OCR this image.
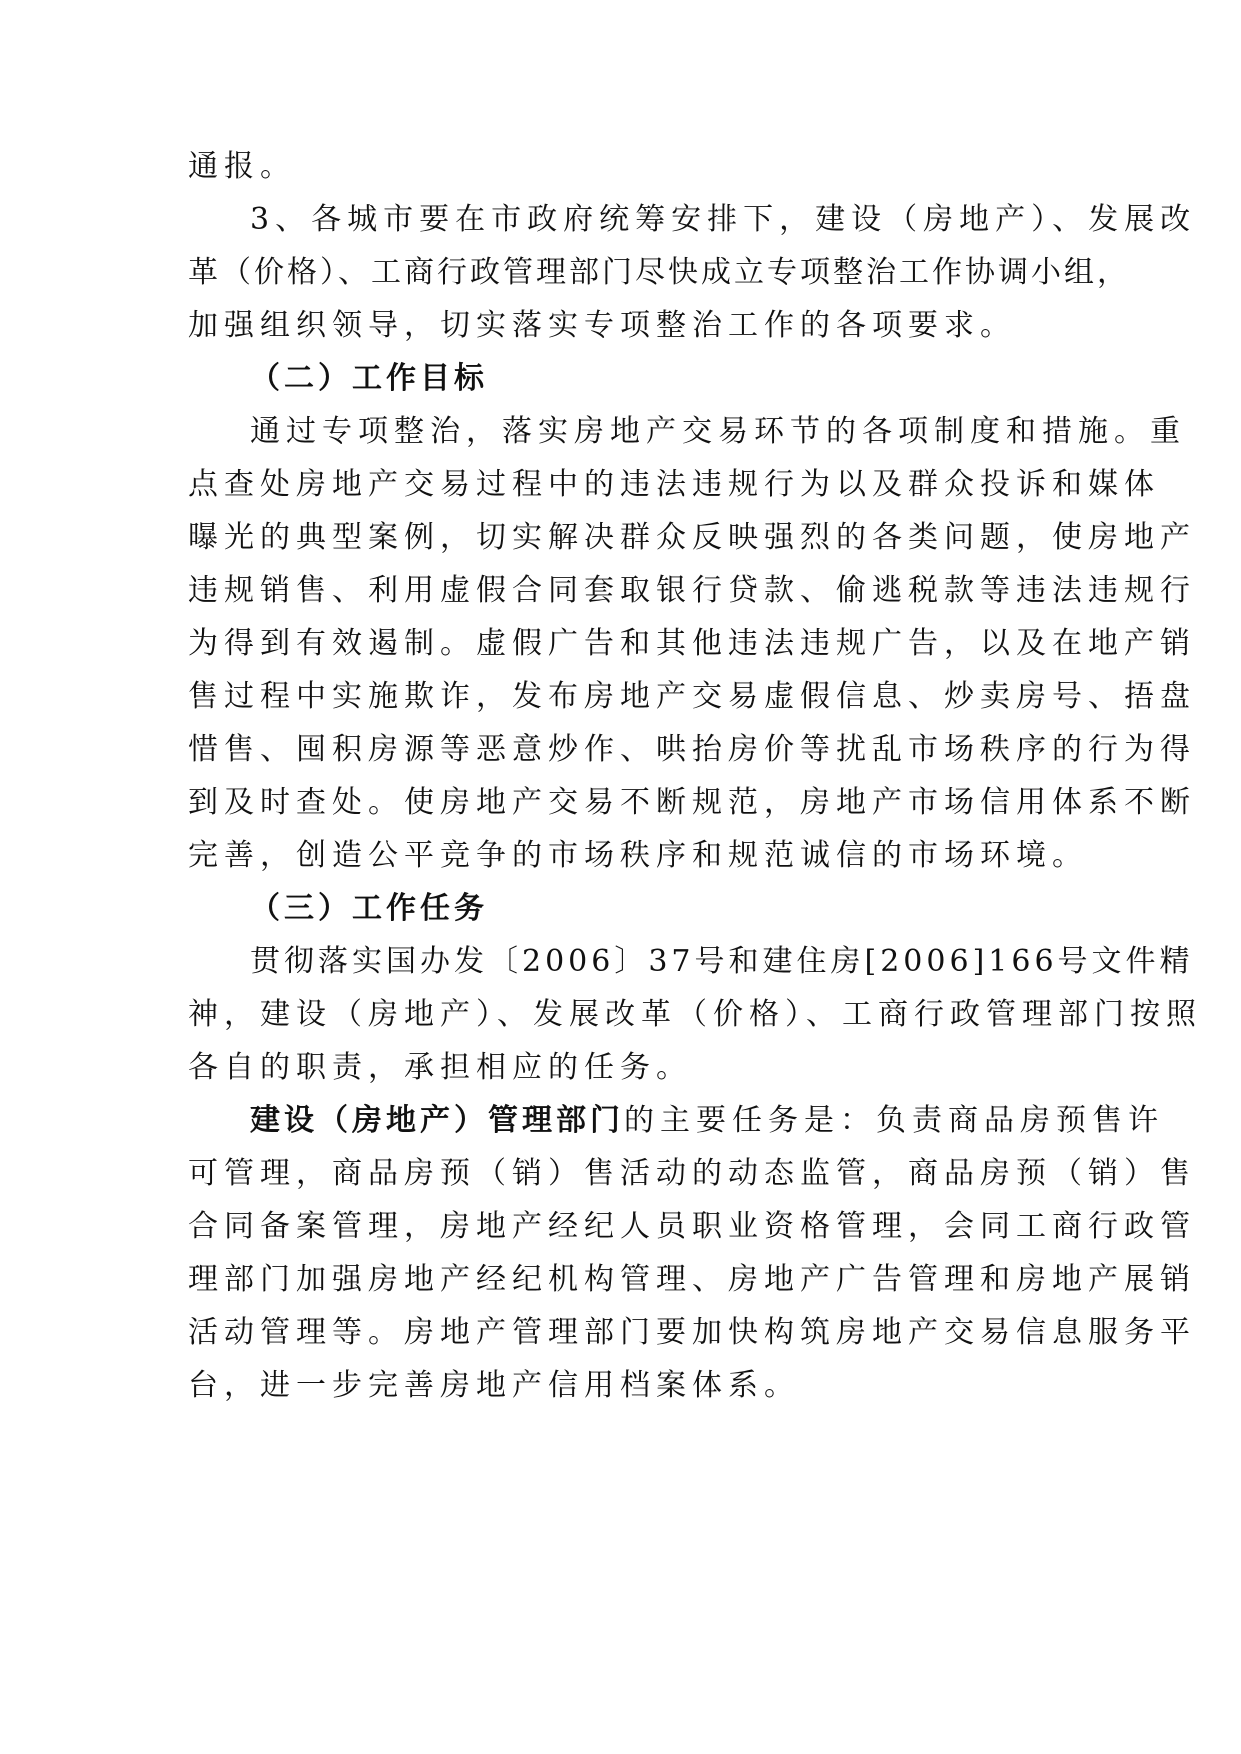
通报。
3、各城市要在市政府统筹安排下，建设（房地产）、发展改
革（价格）、工商行政管理部门尽快成立专项整治工作协调小组，
加强组织领导，切实落实专项整治工作的各项要求。
（二）工作目标
通过专项整治，落实房地产交易环节的各项制度和措施。重
点查处房地产交易过程中的违法违规行为以及群众投诉和媒体
曝光的典型案例，切实解决群众反映强烈的各类问题，使房地产
违规销售、利用虚假合同套取银行贷款、偷逃税款等违法违规行
为得到有效遏制。虚假广告和其他违法违规广告，以及在地产销
售过程中实施欺诈，发布房地产交易虚假信息、炒卖房号、捂盘
惜售、囤积房源等恶意炒作、哄抬房价等扰乱市场秩序的行为得
到及时查处。使房地产交易不断规范，房地产市场信用体系不断
完善，创造公平竞争的市场秩序和规范诚信的市场环境。
（三）工作任务
贯彻落实国办发〔2006〕37号和建住房[2006]166号文件精
神，建设（房地产）、发展改革（价格）、工商行政管理部门按照
各自的职责，承担相应的任务。
建设（房地产）管理部门的主要任务是：负责商品房预售许
可管理，商品房预（销）售活动的动态监管，商品房预（销）售
合同备案管理，房地产经纪人员职业资格管理，会同工商行政管
理部门加强房地产经纪机构管理、房地产广告管理和房地产展销
活动管理等。房地产管理部门要加快构筑房地产交易信息服务平
台，进一步完善房地产信用档案体系。
